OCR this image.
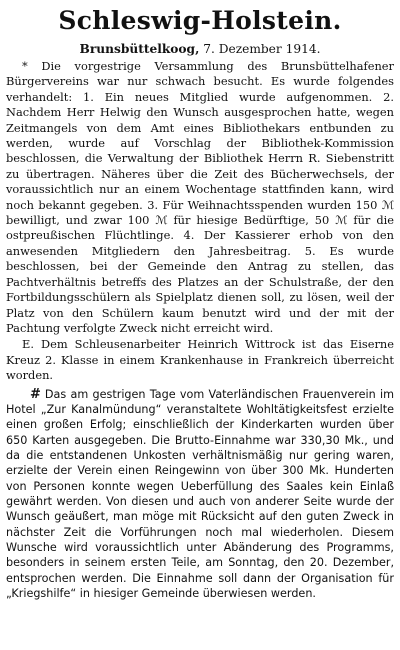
Schleswig-Holstein.
Brunsbüttelkoog, 7. Dezember 1914.

* Die vorgestrige Versammlung des Brunsbüttelhafener Bürgervereins war nur schwach besucht. Es wurde folgendes verhandelt: 1. Ein neues Mitglied wurde aufgenommen. 2. Nachdem Herr Helwig den Wunsch ausgesprochen hatte, wegen Zeitmangels von dem Amt eines Bibliothekars entbunden zu werden, wurde auf Vorschlag der Bibliothek-Kommission beschlossen, die Verwaltung der Bibliothek Herrn R. Siebenstritt zu übertragen. Näheres über die Zeit des Bücherwechsels, der voraussichtlich nur an einem Wochentage stattfinden kann, wird noch bekannt gegeben. 3. Für Weihnachtsspenden wurden 150 ℳ bewilligt, und zwar 100 ℳ für hiesige Bedürftige, 50 ℳ für die ostpreußischen Flüchtlinge. 4. Der Kassierer erhob von den anwesenden Mitgliedern den Jahresbeitrag. 5. Es wurde beschlossen, bei der Gemeinde den Antrag zu stellen, das Pachtverhältnis betreffs des Platzes an der Schulstraße, der den Fortbildungsschülern als Spielplatz dienen soll, zu lösen, weil der Platz von den Schülern kaum benutzt wird und der mit der Pachtung verfolgte Zweck nicht erreicht wird.

E. Dem Schleusenarbeiter Heinrich Wittrock ist das Eiserne Kreuz 2. Klasse in einem Krankenhause in Frankreich überreicht worden.

# Das am gestrigen Tage vom Vaterländischen Frauenverein im Hotel „Zur Kanalmündung“ veranstaltete Wohltätigkeitsfest erzielte einen großen Erfolg; einschließlich der Kinderkarten wurden über 650 Karten ausgegeben. Die Brutto-Einnahme war 330,30 Mk., und da die entstandenen Unkosten verhältnismäßig nur gering waren, erzielte der Verein einen Reingewinn von über 300 Mk. Hunderten von Personen konnte wegen Ueberfüllung des Saales kein Einlaß gewährt werden. Von diesen und auch von anderer Seite wurde der Wunsch geäußert, man möge mit Rücksicht auf den guten Zweck in nächster Zeit die Vorführungen noch mal wiederholen. Diesem Wunsche wird voraussichtlich unter Abänderung des Programms, besonders in seinem ersten Teile, am Sonntag, den 20. Dezember, entsprochen werden. Die Einnahme soll dann der Organisation für „Kriegshilfe“ in hiesiger Gemeinde überwiesen werden.
